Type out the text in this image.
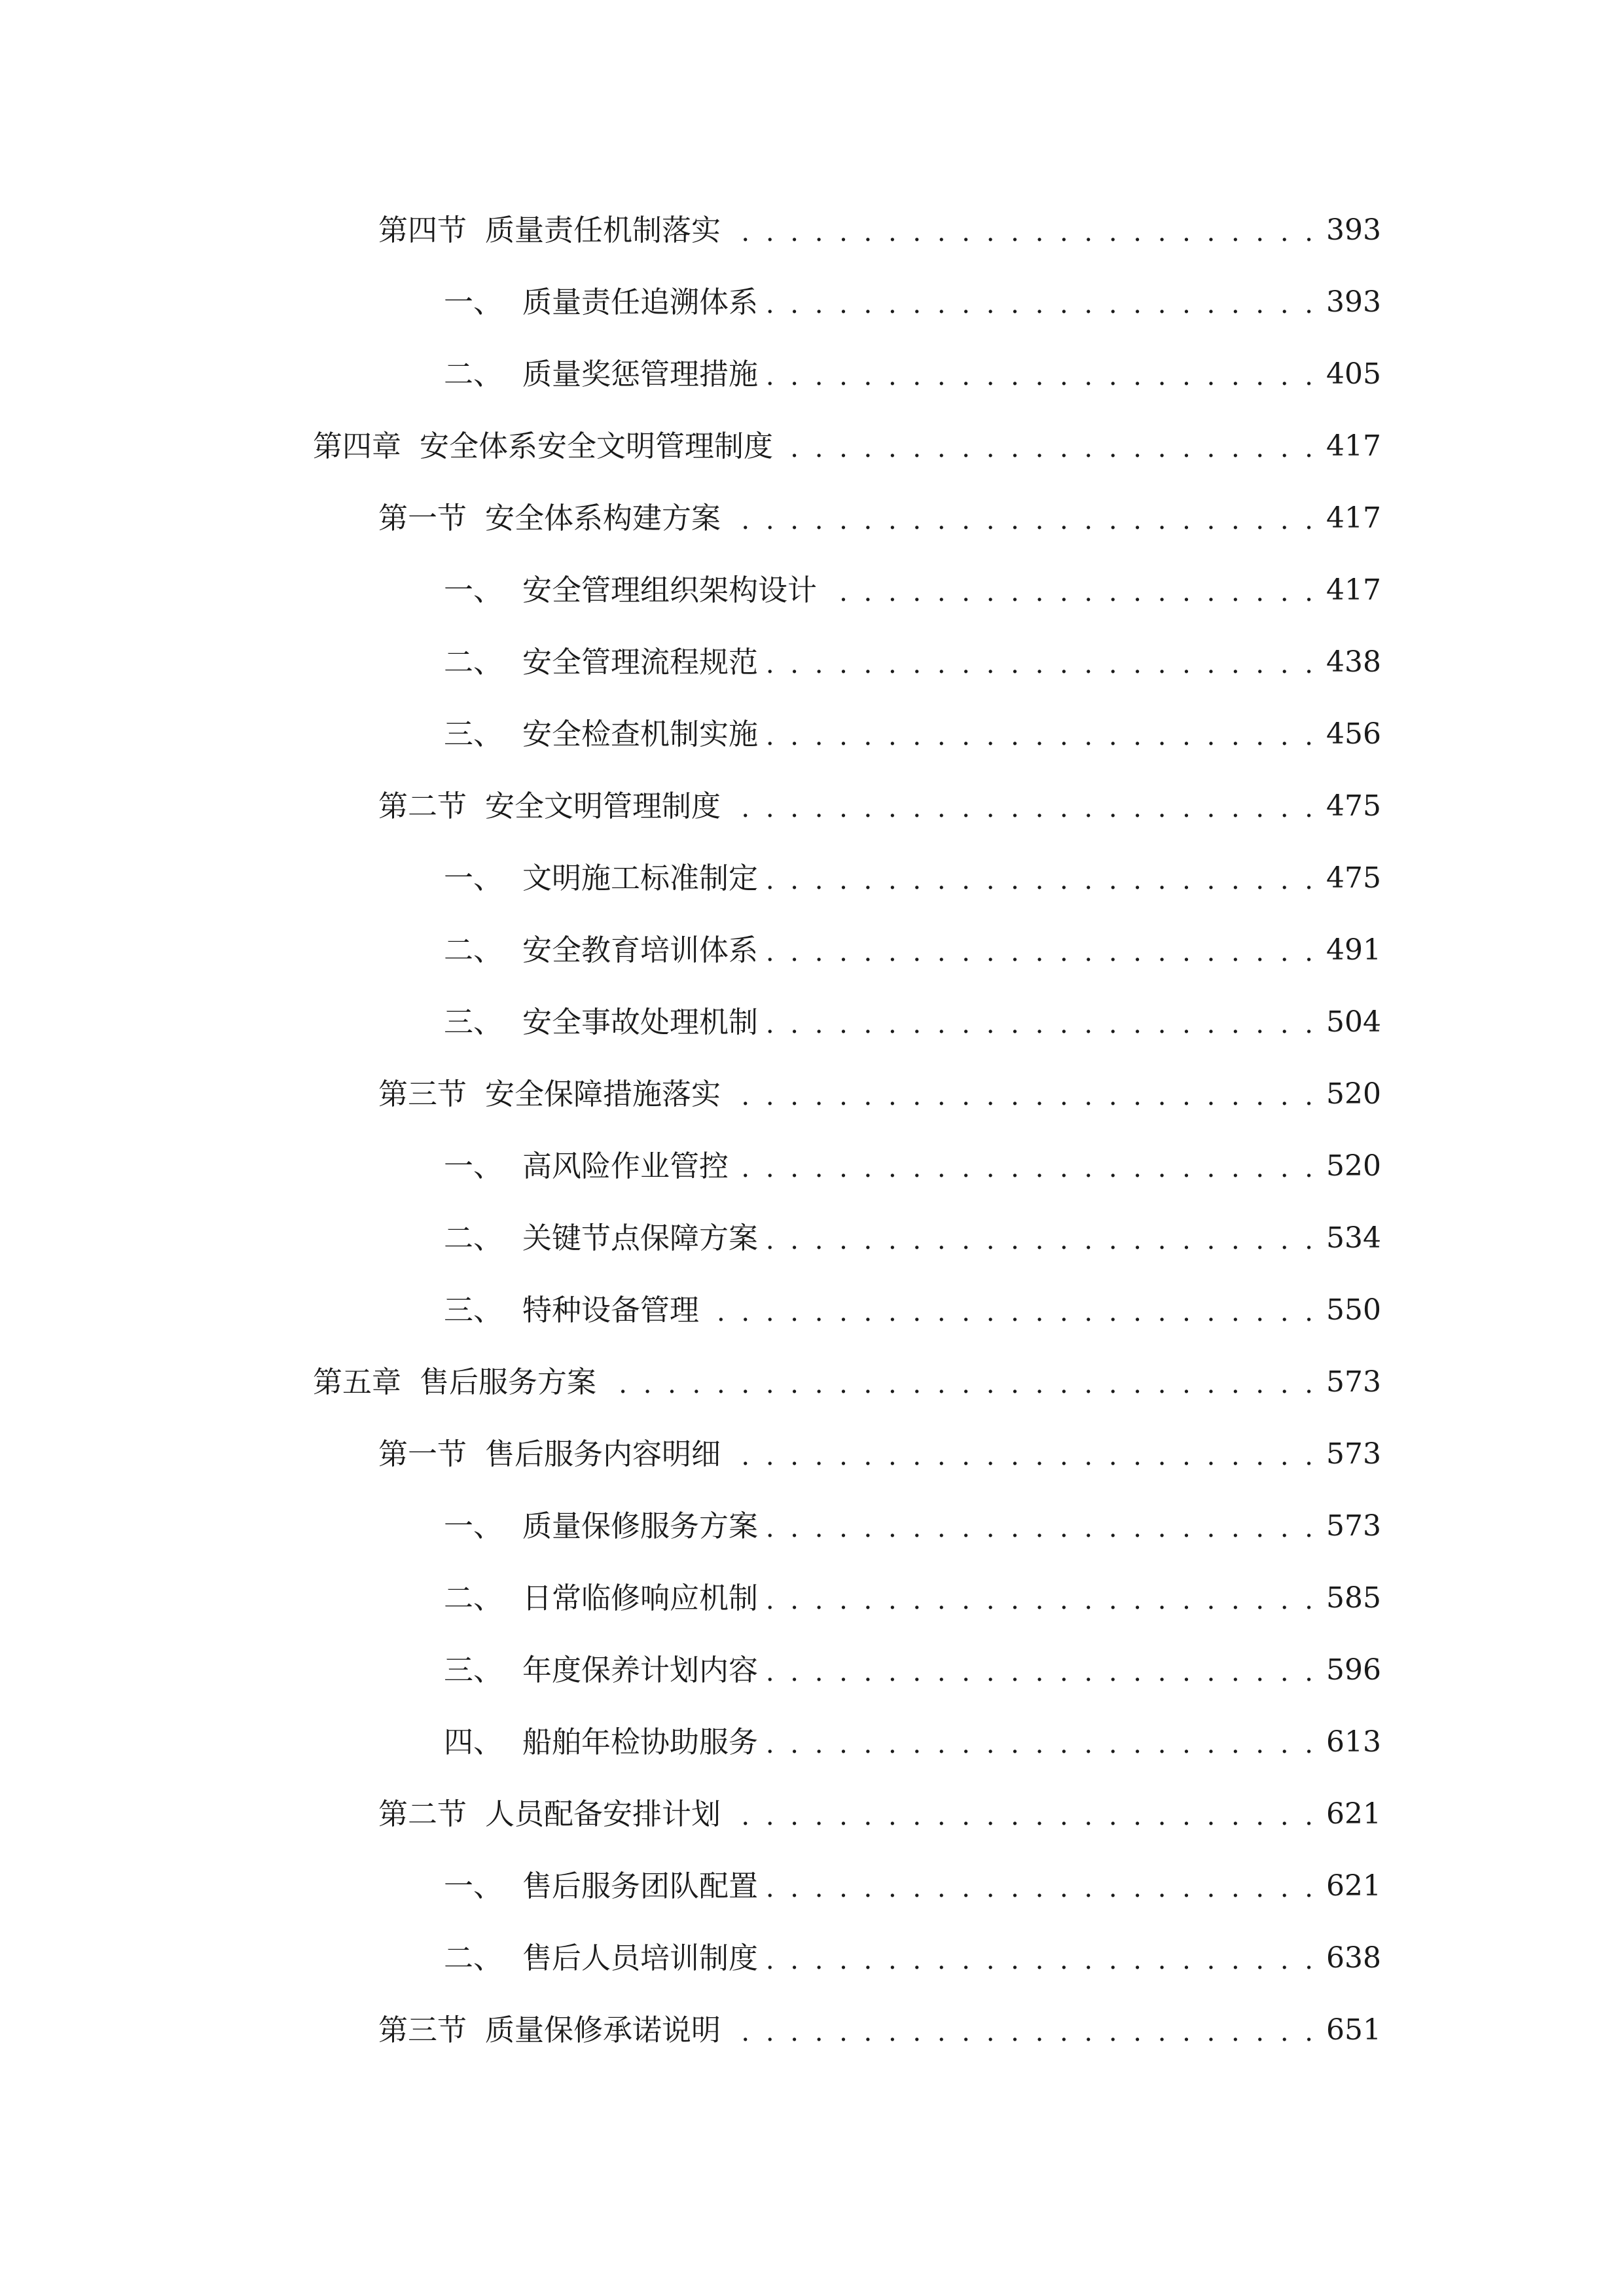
第四节 质量责任机制落实 . . .	393
一、 质量责任追溯体系 . . .	393
二、 质量奖惩管理措施 . . .	405
第四章 安全体系安全文明管理制度 . . .	417
第一节 安全体系构建方案 . . .	417
一、 安全管理组织架构设计 . . .	417
二、 安全管理流程规范 . . .	438
三、 安全检查机制实施 . . .	456
第二节 安全文明管理制度 . . .	475
一、 文明施工标准制定 . . .	475
二、 安全教育培训体系 . . .	491
三、 安全事故处理机制 . . .	504
第三节 安全保障措施落实 . . .	520
一、 高风险作业管控 . . .	520
二、 关键节点保障方案 . . .	534
三、 特种设备管理 . . .	550
第五章 售后服务方案 . . .	573
第一节 售后服务内容明细 . . .	573
一、 质量保修服务方案 . . .	573
二、 日常临修响应机制 . . .	585
三、 年度保养计划内容 . . .	596
四、 船舶年检协助服务 . . .	613
第二节 人员配备安排计划 . . .	621
一、 售后服务团队配置 . . .	621
二、 售后人员培训制度 . . .	638
第三节 质量保修承诺说明 . . .	651
